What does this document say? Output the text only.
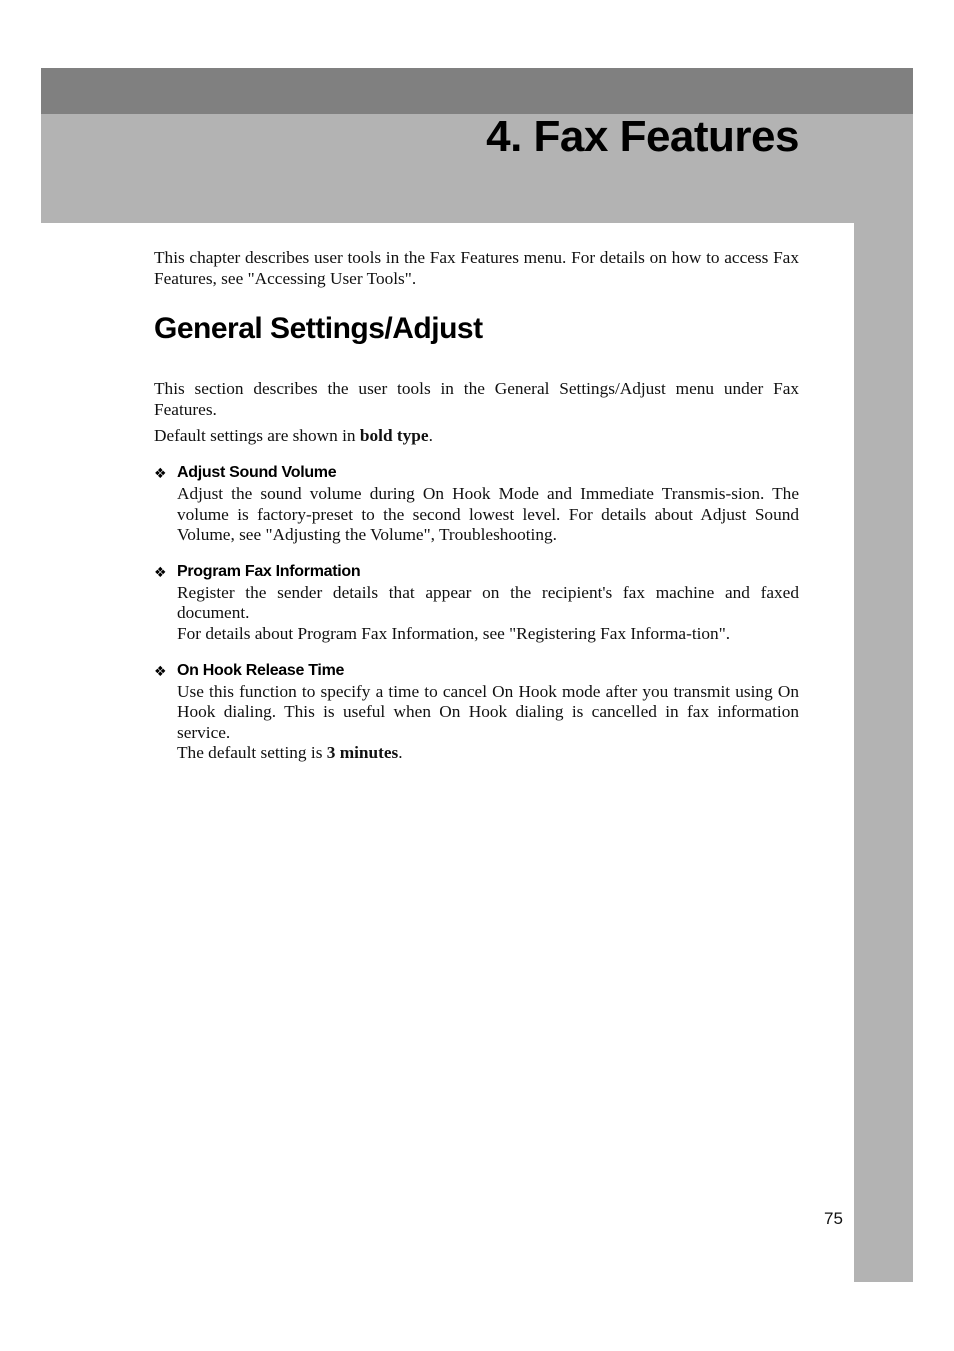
4. Fax Features

This chapter describes user tools in the Fax Features menu. For details on how to access Fax Features, see "Accessing User Tools".

General Settings/Adjust

This section describes the user tools in the General Settings/Adjust menu under Fax Features.

Default settings are shown in bold type.

❖ Adjust Sound Volume

Adjust the sound volume during On Hook Mode and Immediate Transmis-sion. The volume is factory-preset to the second lowest level. For details about Adjust Sound Volume, see "Adjusting the Volume", Troubleshooting.

❖ Program Fax Information

Register the sender details that appear on the recipient's fax machine and faxed document.

For details about Program Fax Information, see "Registering Fax Informa-tion".

❖ On Hook Release Time

Use this function to specify a time to cancel On Hook mode after you transmit using On Hook dialing. This is useful when On Hook dialing is cancelled in fax information service.

The default setting is 3 minutes.

75
